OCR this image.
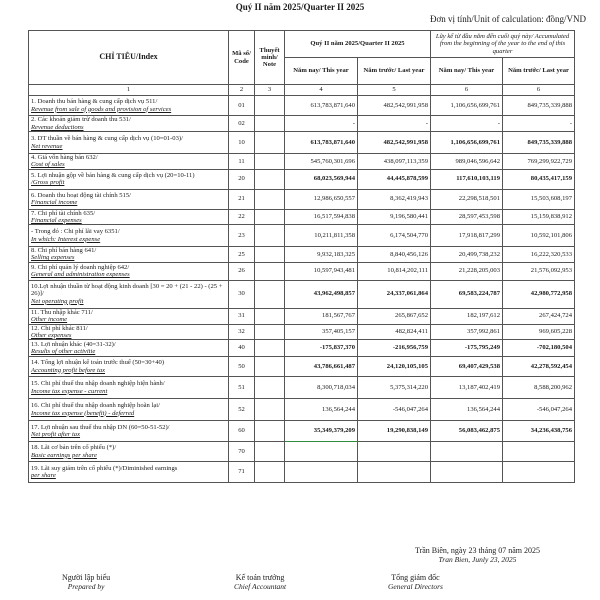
Quý II năm 2025/Quarter II 2025
Đơn vị tính/Unit of calculation: đồng/VND
CHỈ TIÊU/Index	Mã số/ Code	Thuyết minh/ Note	Quý II năm 2025/Quarter II 2025		Lũy kế từ đầu năm đến cuối quý này/ Accumulated from the beginning of the year to the end of this quarter	
			Năm nay/ This year	Năm trước/ Last year	Năm nay/ This year	Năm trước/ Last year
1	2	3	4	5	6	6
1. Doanh thu bán hàng & cung cấp dịch vụ 511/
Revenue from sale of goods and provision of services	01		613,783,871,640	482,542,991,958	1,106,656,699,761	849,735,339,888
2. Các khoản giảm trừ doanh thu 531/
Revenue deductions	02		-	-	-	-
3. DT thuần về bán hàng & cung cấp dịch vụ (10=01-03)/
Net revenue	10		613,783,871,640	482,542,991,958	1,106,656,699,761	849,735,339,888
4. Giá vốn hàng bán 632/
Cost of sales	11		545,760,301,696	438,097,113,359	989,046,596,642	769,299,922,729
5. Lợi nhuận gộp về bán hàng & cung cấp dịch vụ (20=10-11)
/Gross profit	20		68,023,569,944	44,445,878,599	117,610,103,119	80,435,417,159
6. Doanh thu hoạt động tài chính 515/
Financial income	21		12,986,650,557	8,362,419,943	22,298,518,501	15,503,608,197
7. Chi phí tài chính 635/
Financial expenses	22		16,517,594,838	9,196,580,441	28,597,453,598	15,159,838,912
- Trong đó : Chi phí lãi vay 6351/
In which: Interest expense	23		10,211,811,358	6,174,504,770	17,918,817,299	10,592,101,806
8. Chi phí bán hàng 641/
Selling expenses	25		9,932,183,325	8,840,456,126	20,499,738,232	16,222,320,533
9. Chi phí quản lý doanh nghiệp 642/
General and administration expenses	26		10,597,943,481	10,814,202,111	21,228,205,003	21,576,092,953
10.Lợi nhuận thuần từ hoạt động kinh doanh [30 = 20 + (21 - 22) - (25 + 26)]/
Net operating profit	30		43,962,498,857	24,337,061,864	69,583,224,787	42,980,772,958
11. Thu nhập khác 711/
Other income	31		181,567,767	265,867,652	182,197,612	267,424,724
12. Chi phí khác 811/
Other expenses	32		357,405,157	482,824,411	357,992,861	969,605,228
13. Lợi nhuận khác (40=31-32)/
Results of other activitie	40		-175,837,370	-216,956,759	-175,795,249	-702,180,504
14. Tổng lợi nhuận kế toán trước thuế (50=30+40)
Accounting profit before tax	50		43,786,661,487	24,120,105,105	69,407,429,538	42,278,592,454
15. Chi phí thuế thu nhập doanh nghiệp hiện hành/
Income tax expense - current	51		8,300,718,034	5,375,314,220	13,187,402,419	8,588,200,962
16. Chi phí thuế thu nhập doanh nghiệp hoãn lại/
Income tax expense (benefit) - deferred	52		136,564,244	-546,047,264	136,564,244	-546,047,264
17. Lợi nhuận sau thuế thu nhập DN (60=50-51-52)/
Net profit after tax	60		35,349,379,209	19,290,838,149	56,083,462,875	34,236,438,756
18. Lãi cơ bản trên cổ phiếu (*)/
Basic earnings per share	70					
19. Lãi suy giảm trên cổ phiếu (*)/Diminished earnings
per share	71					
Trần Biên, ngày 23 tháng 07 năm 2025
Tran Bien, Junly 23, 2025
Người lập biểu
Prepared by
Kế toán trưởng
Chief Accountant
Tổng giám đốc
General Directors
